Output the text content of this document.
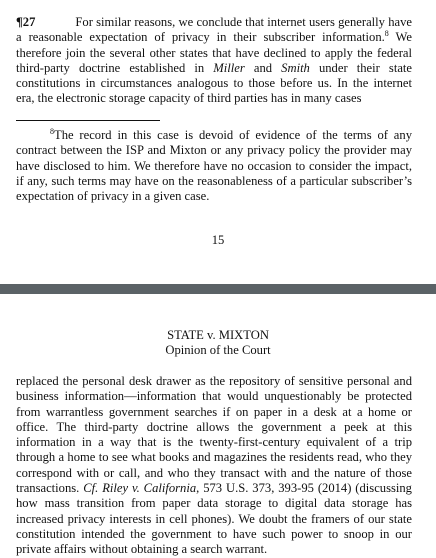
¶27	For similar reasons, we conclude that internet users generally have a reasonable expectation of privacy in their subscriber information.$^8$ We therefore join the several other states that have declined to apply the federal third-party doctrine established in Miller and Smith under their state constitutions in circumstances analogous to those before us. In the internet era, the electronic storage capacity of third parties has in many cases
$^8$The record in this case is devoid of evidence of the terms of any contract between the ISP and Mixton or any privacy policy the provider may have disclosed to him. We therefore have no occasion to consider the impact, if any, such terms may have on the reasonableness of a particular subscriber’s expectation of privacy in a given case.
15
STATE v. MIXTON
Opinion of the Court
replaced the personal desk drawer as the repository of sensitive personal and business information—information that would unquestionably be protected from warrantless government searches if on paper in a desk at a home or office. The third-party doctrine allows the government a peek at this information in a way that is the twenty-first-century equivalent of a trip through a home to see what books and magazines the residents read, who they correspond with or call, and who they transact with and the nature of those transactions. Cf. Riley v. California, 573 U.S. 373, 393-95 (2014) (discussing how mass transition from paper data storage to digital data storage has increased privacy interests in cell phones). We doubt the framers of our state constitution intended the government to have such power to snoop in our private affairs without obtaining a search warrant.
